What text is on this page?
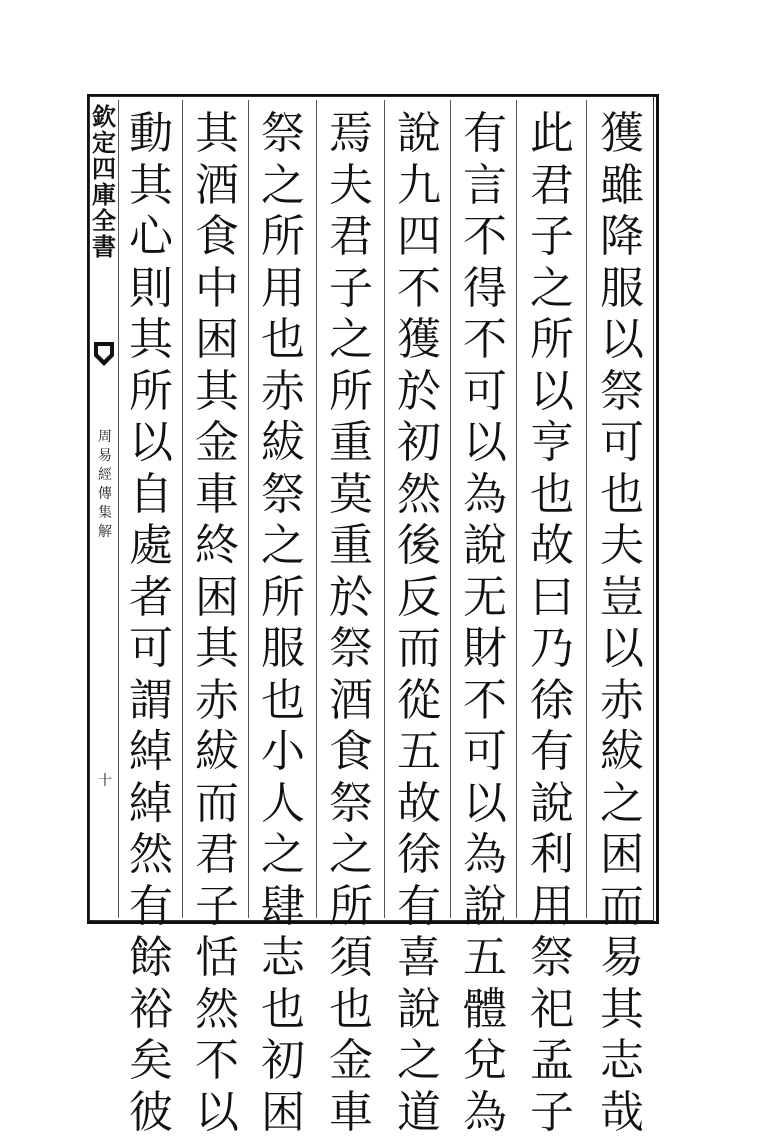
欽
定
四
庫
全
書
周
易
經
傳
集
解
十
獲
雖
降
服
以
祭
可
也
夫
豈
以
赤
紱
之
困
而
易
其
志
哉
此
君
子
之
所
以
亨
也
故
曰
乃
徐
有
說
利
用
祭
祀
孟
子
有
言
不
得
不
可
以
為
說
无
財
不
可
以
為
說
五
體
兌
為
說
九
四
不
獲
於
初
然
後
反
而
從
五
故
徐
有
喜
說
之
道
焉
夫
君
子
之
所
重
莫
重
於
祭
酒
食
祭
之
所
須
也
金
車
祭
之
所
用
也
赤
紱
祭
之
所
服
也
小
人
之
肆
志
也
初
困
其
酒
食
中
困
其
金
車
終
困
其
赤
紱
而
君
子
恬
然
不
以
動
其
心
則
其
所
以
自
處
者
可
謂
綽
綽
然
有
餘
裕
矣
彼
